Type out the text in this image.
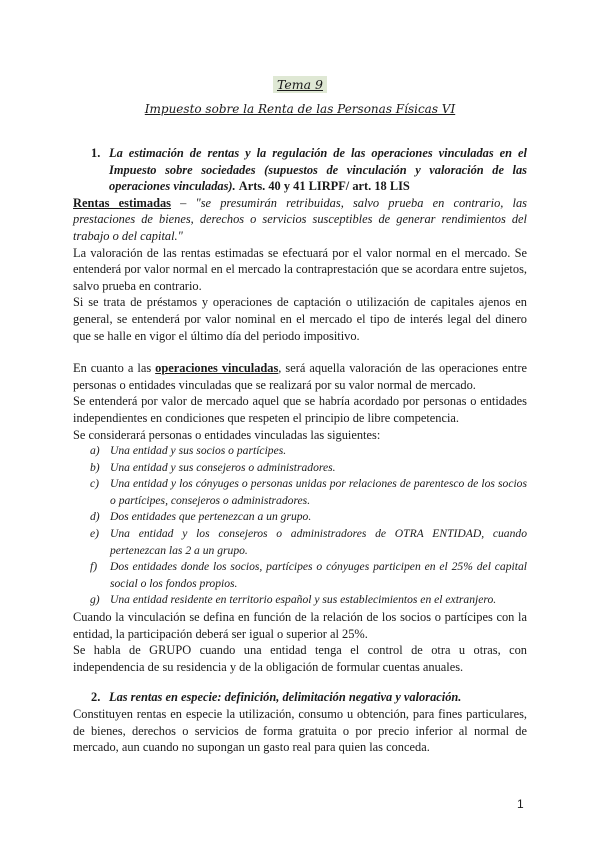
Tema 9
Impuesto sobre la Renta de las Personas Físicas VI
1. La estimación de rentas y la regulación de las operaciones vinculadas en el Impuesto sobre sociedades (supuestos de vinculación y valoración de las operaciones vinculadas). Arts. 40 y 41 LIRPF/ art. 18 LIS

Rentas estimadas – "se presumirán retribuidas, salvo prueba en contrario, las prestaciones de bienes, derechos o servicios susceptibles de generar rendimientos del trabajo o del capital."

La valoración de las rentas estimadas se efectuará por el valor normal en el mercado. Se entenderá por valor normal en el mercado la contraprestación que se acordara entre sujetos, salvo prueba en contrario.

Si se trata de préstamos y operaciones de captación o utilización de capitales ajenos en general, se entenderá por valor nominal en el mercado el tipo de interés legal del dinero que se halle en vigor el último día del periodo impositivo.

En cuanto a las operaciones vinculadas, será aquella valoración de las operaciones entre personas o entidades vinculadas que se realizará por su valor normal de mercado.

Se entenderá por valor de mercado aquel que se habría acordado por personas o entidades independientes en condiciones que respeten el principio de libre competencia.

Se considerará personas o entidades vinculadas las siguientes:

a) Una entidad y sus socios o partícipes.
b) Una entidad y sus consejeros o administradores.
c) Una entidad y los cónyuges o personas unidas por relaciones de parentesco de los socios o partícipes, consejeros o administradores.
d) Dos entidades que pertenezcan a un grupo.
e) Una entidad y los consejeros o administradores de OTRA ENTIDAD, cuando pertenezcan las 2 a un grupo.
f)	Dos entidades donde los socios, partícipes o cónyuges participen en el 25% del capital social o los fondos propios.
g) Una entidad residente en territorio español y sus establecimientos en el extranjero.

Cuando la vinculación se defina en función de la relación de los socios o partícipes con la entidad, la participación deberá ser igual o superior al 25%.

Se habla de GRUPO cuando una entidad tenga el control de otra u otras, con independencia de su residencia y de la obligación de formular cuentas anuales.

2. Las rentas en especie: definición, delimitación negativa y valoración.

Constituyen rentas en especie la utilización, consumo u obtención, para fines particulares, de bienes, derechos o servicios de forma gratuita o por precio inferior al normal de mercado, aun cuando no supongan un gasto real para quien las conceda.

1
